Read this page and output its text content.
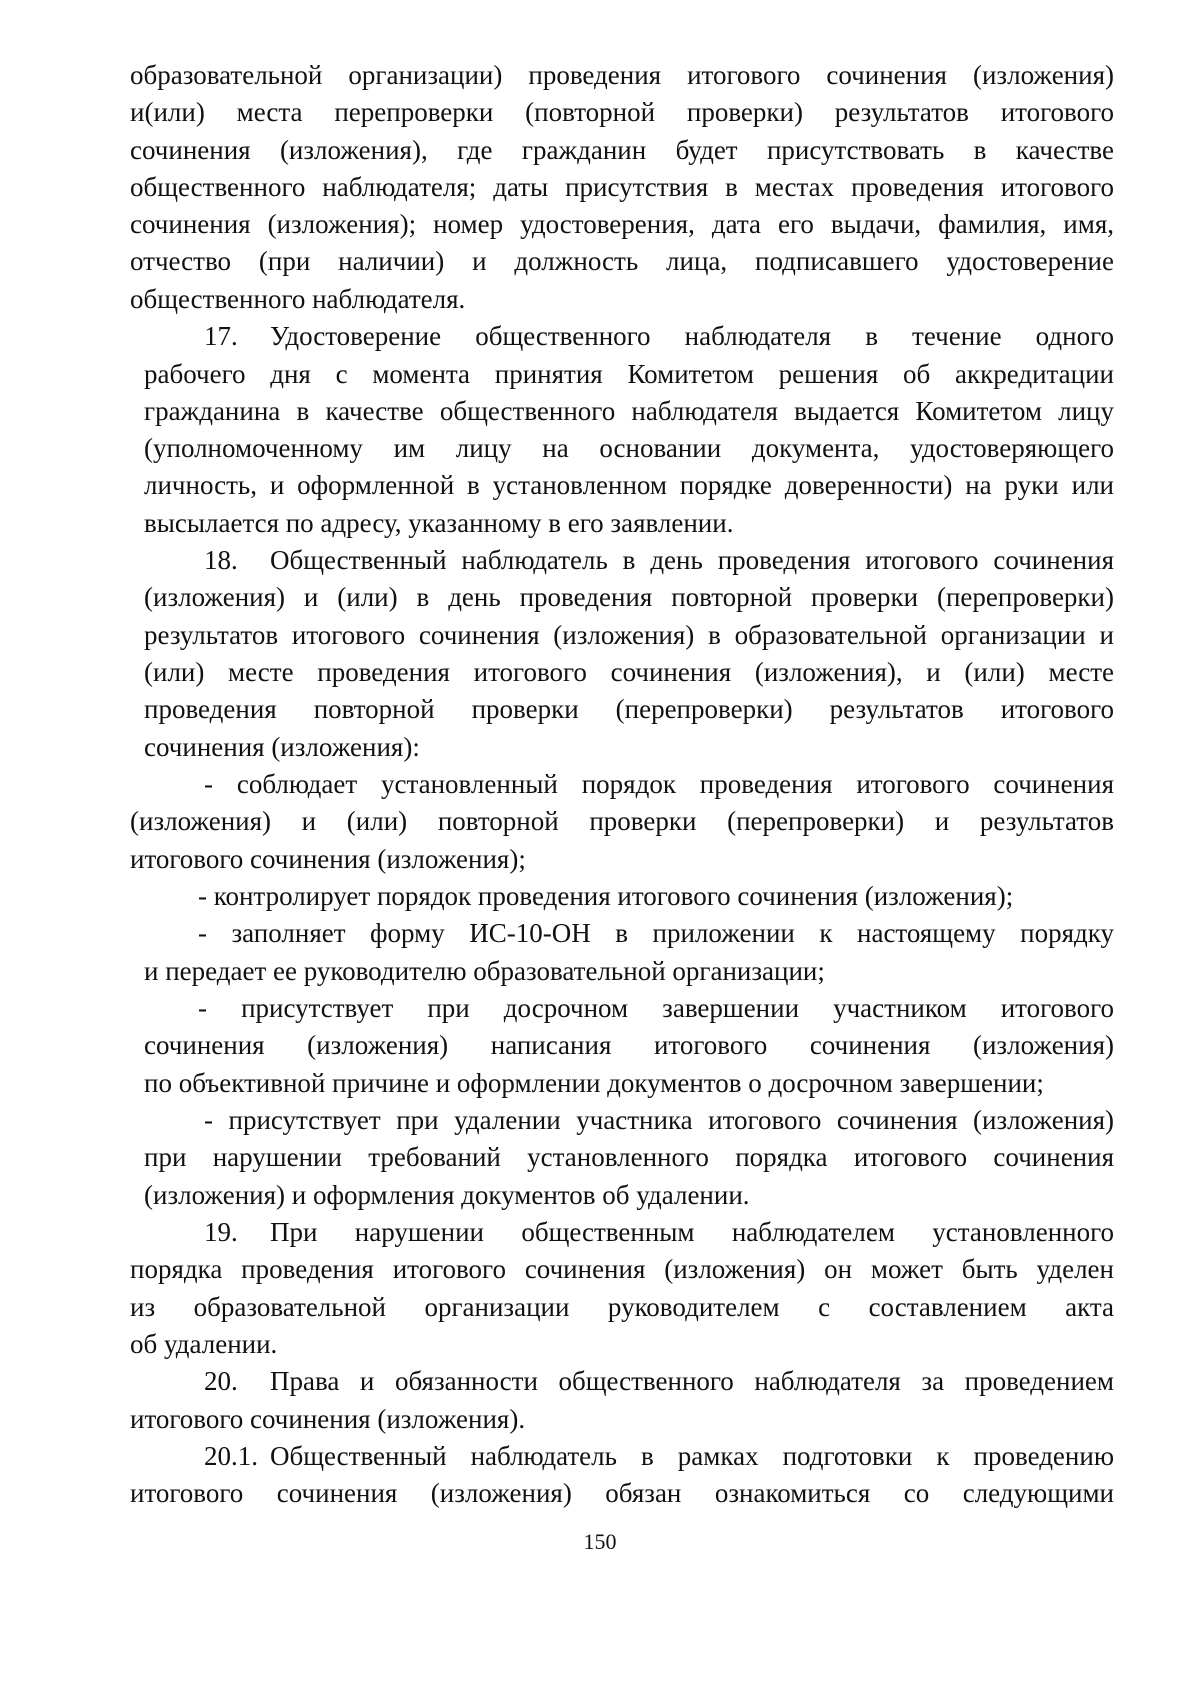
образовательной организации) проведения итогового сочинения (изложения)
и(или) места перепроверки (повторной проверки) результатов итогового
сочинения (изложения), где гражданин будет присутствовать в качестве
общественного наблюдателя; даты присутствия в местах проведения итогового
сочинения (изложения); номер удостоверения, дата его выдачи, фамилия, имя,
отчество (при наличии) и должность лица, подписавшего удостоверение
общественного наблюдателя.
17. Удостоверение общественного наблюдателя в течение одного
рабочего дня с момента принятия Комитетом решения об аккредитации
гражданина в качестве общественного наблюдателя выдается Комитетом лицу
(уполномоченному им лицу на основании документа, удостоверяющего
личность, и оформленной в установленном порядке доверенности) на руки или
высылается по адресу, указанному в его заявлении.
18. Общественный наблюдатель в день проведения итогового сочинения
(изложения) и (или) в день проведения повторной проверки (перепроверки)
результатов итогового сочинения (изложения) в образовательной организации и
(или) месте проведения итогового сочинения (изложения), и (или) месте
проведения повторной проверки (перепроверки) результатов итогового
сочинения (изложения):
- соблюдает установленный порядок проведения итогового сочинения
(изложения) и (или) повторной проверки (перепроверки) и результатов
итогового сочинения (изложения);
- контролирует порядок проведения итогового сочинения (изложения);
- заполняет форму ИС-10-ОН в приложении к настоящему порядку
и передает ее руководителю образовательной организации;
- присутствует при досрочном завершении участником итогового
сочинения (изложения) написания итогового сочинения (изложения)
по объективной причине и оформлении документов о досрочном завершении;
- присутствует при удалении участника итогового сочинения (изложения)
при нарушении требований установленного порядка итогового сочинения
(изложения) и оформления документов об удалении.
19. При нарушении общественным наблюдателем установленного
порядка проведения итогового сочинения (изложения) он может быть уделен
из образовательной организации руководителем с составлением акта
об удалении.
20. Права и обязанности общественного наблюдателя за проведением
итогового сочинения (изложения).
20.1. Общественный наблюдатель в рамках подготовки к проведению
итогового сочинения (изложения) обязан ознакомиться со следующими
150
